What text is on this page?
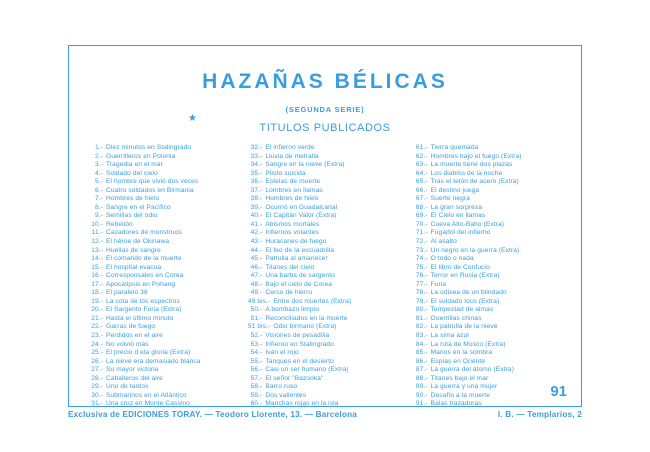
HAZAÑAS BÉLICAS
(SEGUNDA SERIE)
TITULOS PUBLICADOS
1.- Diez minutos en Stalingrado
2.- Guerrilleros en Polonia
3.- Tragedia en el mar
4.- Soldado del cielo
5.- El hombre que vivió dos veces
6.- Cuatro soldados en Birmania
7.- Hombres de hielo
8.- Sangre en el Pacífico
9.- Semillas del odio
10.- Rebelión
11.- Cazadores de monstruos
12.- El héroe de Okinawa
13.- Huellas de sangre
14.- El comando de la muerte
15.- El hospital evacua
16.- Corresponsales en Corea
17.- Apocalipsis en Pohang
18.- El paralelo 38
19.- La cota de los espectros
20.- El Sargento Furia (Extra)
21.- Hasta el último minuto
22.- Garras de fuego
23.- Perdidos en el aire
24.- No volvió más
25.- El precio d ela gloria (Extra)
26.- La nieve era demasiado blanca
27.- Su mayor victoria
28.- Caballeros del aire
29.- Uno de tantos
30.- Submarinos en el Atlántico
31.- Una cruz en Monte Cassino
32.- El infierno verde
33.- Lluvia de metralla
34.- Sangre en la nieve (Extra)
35.- Piloto suicida
36.- Estelas de muerte
37.- Lombres en llamas
38.- Hombres de hielo
39.- Ocurrió en Guadalcanal
40.- El Capitán Valor (Extra)
41.- Abismos mortales
42.- Infiernos volantes
43.- Huracanes de fuego
44.- El feo de la escuadrilla
45.- Patrulla al amanecer
46.- Titanes del cielo
47.- Una barba de sargento
48.- Bajo el cielo de Corea
49.- Cerco de hierro
49 bis.- Entre dos muertes (Extra)
50.- A bombazo limpio
51.- Reconciliados en la muerte
51 bis.- Odio birmano (Extra)
52.- Visiones de pesadilla
53.- Infierno en Stalingrado
54.- Iván el rojo
55.- Tanques en el desierto
56.- Casi un ser humano (Extra)
57.- El señor "Bazooka"
58.- Barro ruso
59.- Dos valientes
60.- Manchas rojas en la isla
61.- Tierra quemada
62.- Hombres bajo el fuego (Extra)
63.- La muerte tiene dos plazas
64.- Los diablos de la noche
65.- Tras el telón de acero (Extra)
66.- El destino juega
67.- Suerte negra
68.- La gran sorpresa
69.- El Cielo en llamas
70.- Cueva Alto-Baho (Extra)
71.- Fugadol del infierno
72.- Al asalto
73.- Un negro en la guerra (Extra)
74.- O todo o nada
75.- El libro de Confucio
76.- Terror en Rusia (Extra)
77.- Furia
78.- La odisea de un blindado
79.- El soldado loco (Extra)
80.- Tempestad de almas
81.- Guerrillas chinas
82.- La patrulla de la nieve
83.- La sima azul
84.- La ruta de Moscú (Extra)
85.- Manos en la sombra
86.- Espías en Oriente
87.- La guerra del átomo (Extra)
88.- Titanes bajo el mar
89.- La guerra y una mujer
90.- Desafío a la muerte
91.- Balas trazadoras
91
★
Exclusiva de EDICIONES TORAY. — Teodoro Llorente, 13. — Barcelona	I. B. — Templarios, 2
